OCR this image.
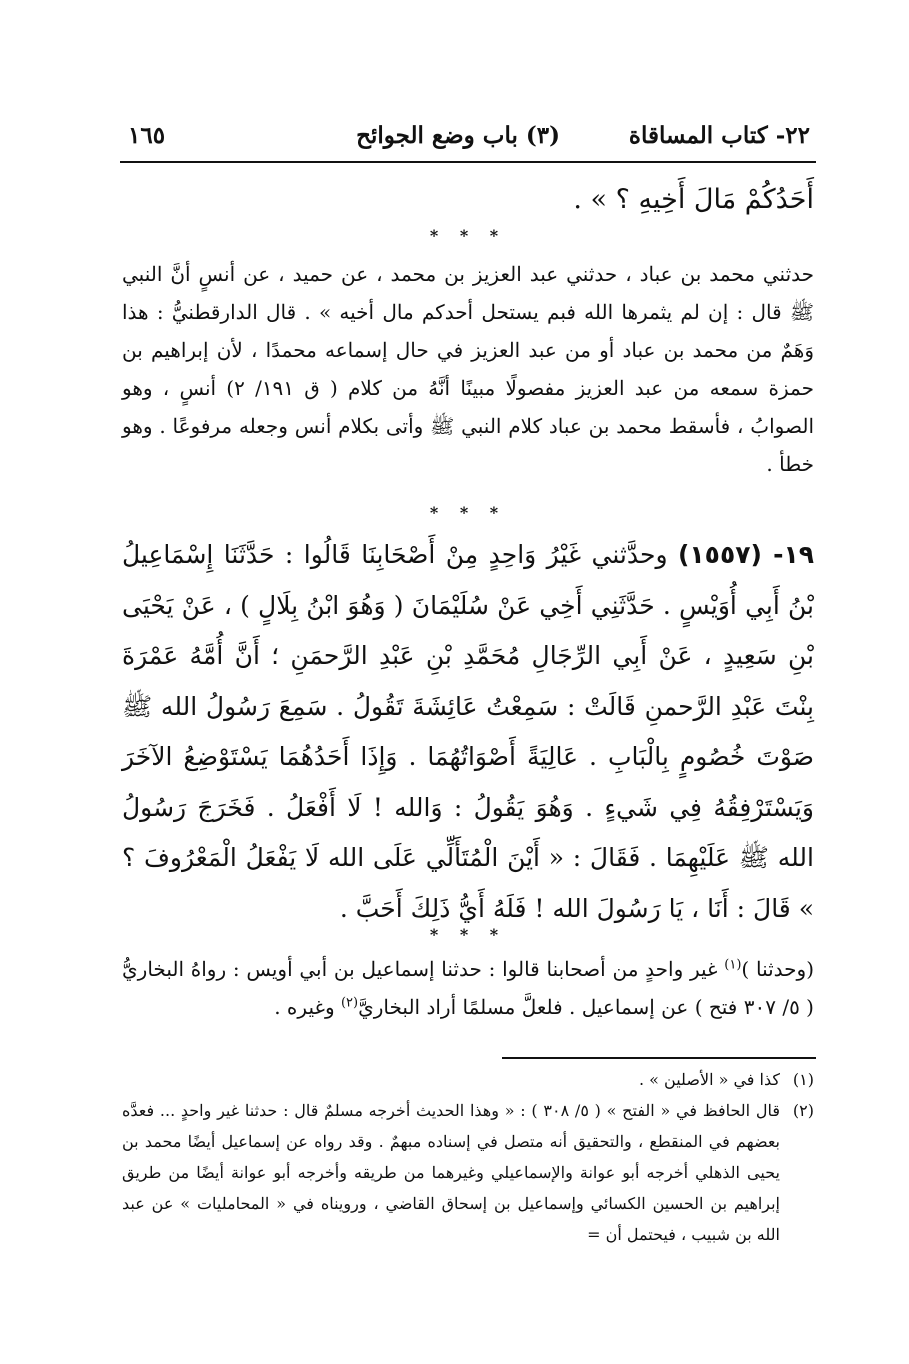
٢٢- كتاب المساقاة
(٣) باب وضع الجوائح
١٦٥
أَحَدُكُمْ مَالَ أَخِيهِ ؟ » .
* * *
حدثني محمد بن عباد ، حدثني عبد العزيز بن محمد ، عن حميد ، عن أنسٍ أنَّ النبي ﷺ قال : إن لم يثمرها الله فبم يستحل أحدكم مال أخيه » . قال الدارقطنيُّ : هذا وَهَمٌ من محمد بن عباد أو من عبد العزيز في حال إسماعه محمدًا ، لأن إبراهيم بن حمزة سمعه من عبد العزيز مفصولًا مبينًا أنَّهُ من كلام ( ق ١٩١/ ٢) أنسٍ ، وهو الصوابُ ، فأسقط محمد بن عباد كلام النبي ﷺ وأتى بكلام أنس وجعله مرفوعًا . وهو خطأ .
* * *
١٩- (١٥٥٧) وحدَّثني غَيْرُ وَاحِدٍ مِنْ أَصْحَابِنَا قَالُوا : حَدَّثَنَا إِسْمَاعِيلُ بْنُ أَبِي أُوَيْسٍ . حَدَّثَنِي أَخِي عَنْ سُلَيْمَانَ ( وَهُوَ ابْنُ بِلَالٍ ) ، عَنْ يَحْيَى بْنِ سَعِيدٍ ، عَنْ أَبِي الرِّجَالِ مُحَمَّدِ بْنِ عَبْدِ الرَّحمَنِ ؛ أَنَّ أُمَّهُ عَمْرَةَ بِنْتَ عَبْدِ الرَّحمنِ قَالَتْ : سَمِعْتُ عَائِشَةَ تَقُولُ . سَمِعَ رَسُولُ الله ﷺ صَوْتَ خُصُومٍ بِالْبَابِ . عَالِيَةً أَصْوَاتُهُمَا . وَإِذَا أَحَدُهُمَا يَسْتَوْضِعُ الآخَرَ وَيَسْتَرْفِقُهُ فِي شَيءٍ . وَهُوَ يَقُولُ : وَالله ! لَا أَفْعَلُ . فَخَرَجَ رَسُولُ الله ﷺ عَلَيْهِمَا . فَقَالَ : « أَيْنَ الْمُتَأَلِّي عَلَى الله لَا يَفْعَلُ الْمَعْرُوفَ ؟ » قَالَ : أَنَا ، يَا رَسُولَ الله ! فَلَهُ أَيُّ ذَلِكَ أَحَبَّ .
* * *
(وحدثنا )$^{(١)}$ غير واحدٍ من أصحابنا قالوا : حدثنا إسماعيل بن أبي أويس : رواهُ البخاريُّ ( ٥/ ٣٠٧ فتح ) عن إسماعيل . فلعلَّ مسلمًا أراد البخاريَّ$^{(٢)}$ وغيره .
(١)
كذا في « الأصلين » .
(٢)
قال الحافظ في « الفتح » ( ٥/ ٣٠٨ ) : « وهذا الحديث أخرجه مسلمٌ قال : حدثنا غير واحدٍ ... فعدَّه بعضهم في المنقطع ، والتحقيق أنه متصل في إسناده مبهمٌ . وقد رواه عن إسماعيل أيضًا محمد بن يحيى الذهلي أخرجه أبو عوانة والإسماعيلي وغيرهما من طريقه وأخرجه أبو عوانة أيضًا من طريق إبراهيم بن الحسين الكسائي وإسماعيل بن إسحاق القاضي ، ورويناه في « المحامليات » عن عبد الله بن شبيب ، فيحتمل أن =
